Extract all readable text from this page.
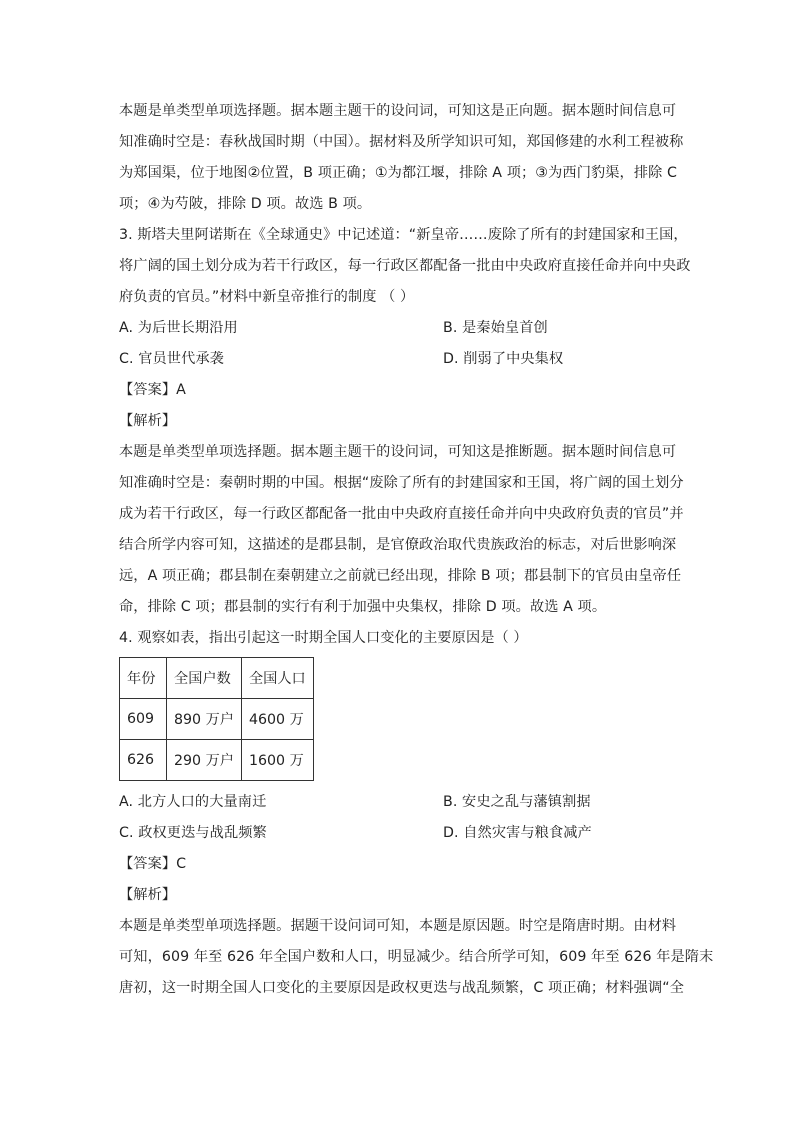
本题是单类型单项选择题。据本题主题干的设问词，可知这是正向题。据本题时间信息可
知准确时空是：春秋战国时期（中国）。据材料及所学知识可知，郑国修建的水利工程被称
为郑国渠，位于地图②位置，B 项正确；①为都江堰，排除 A 项；③为西门豹渠，排除 C
项；④为芍陂，排除 D 项。故选 B 项。
3. 斯塔夫里阿诺斯在《全球通史》中记述道：“新皇帝……废除了所有的封建国家和王国，
将广阔的国土划分成为若干行政区，每一行政区都配备一批由中央政府直接任命并向中央政
府负责的官员。”材料中新皇帝推行的制度 （ ）
A. 为后世长期沿用	B. 是秦始皇首创
C. 官员世代承袭	D. 削弱了中央集权
【答案】A
【解析】
本题是单类型单项选择题。据本题主题干的设问词，可知这是推断题。据本题时间信息可
知准确时空是：秦朝时期的中国。根据“废除了所有的封建国家和王国，将广阔的国土划分
成为若干行政区，每一行政区都配备一批由中央政府直接任命并向中央政府负责的官员”并
结合所学内容可知，这描述的是郡县制，是官僚政治取代贵族政治的标志，对后世影响深
远，A 项正确；郡县制在秦朝建立之前就已经出现，排除 B 项；郡县制下的官员由皇帝任
命，排除 C 项；郡县制的实行有利于加强中央集权，排除 D 项。故选 A 项。
4. 观察如表，指出引起这一时期全国人口变化的主要原因是（ ）
年份	全国户数	全国人口
609	890 万户	4600 万
626	290 万户	1600 万
A. 北方人口的大量南迁	B. 安史之乱与藩镇割据
C. 政权更迭与战乱频繁	D. 自然灾害与粮食减产
【答案】C
【解析】
本题是单类型单项选择题。据题干设问词可知，本题是原因题。时空是隋唐时期。由材料
可知，609 年至 626 年全国户数和人口，明显减少。结合所学可知，609 年至 626 年是隋末
唐初，这一时期全国人口变化的主要原因是政权更迭与战乱频繁，C 项正确；材料强调“全
